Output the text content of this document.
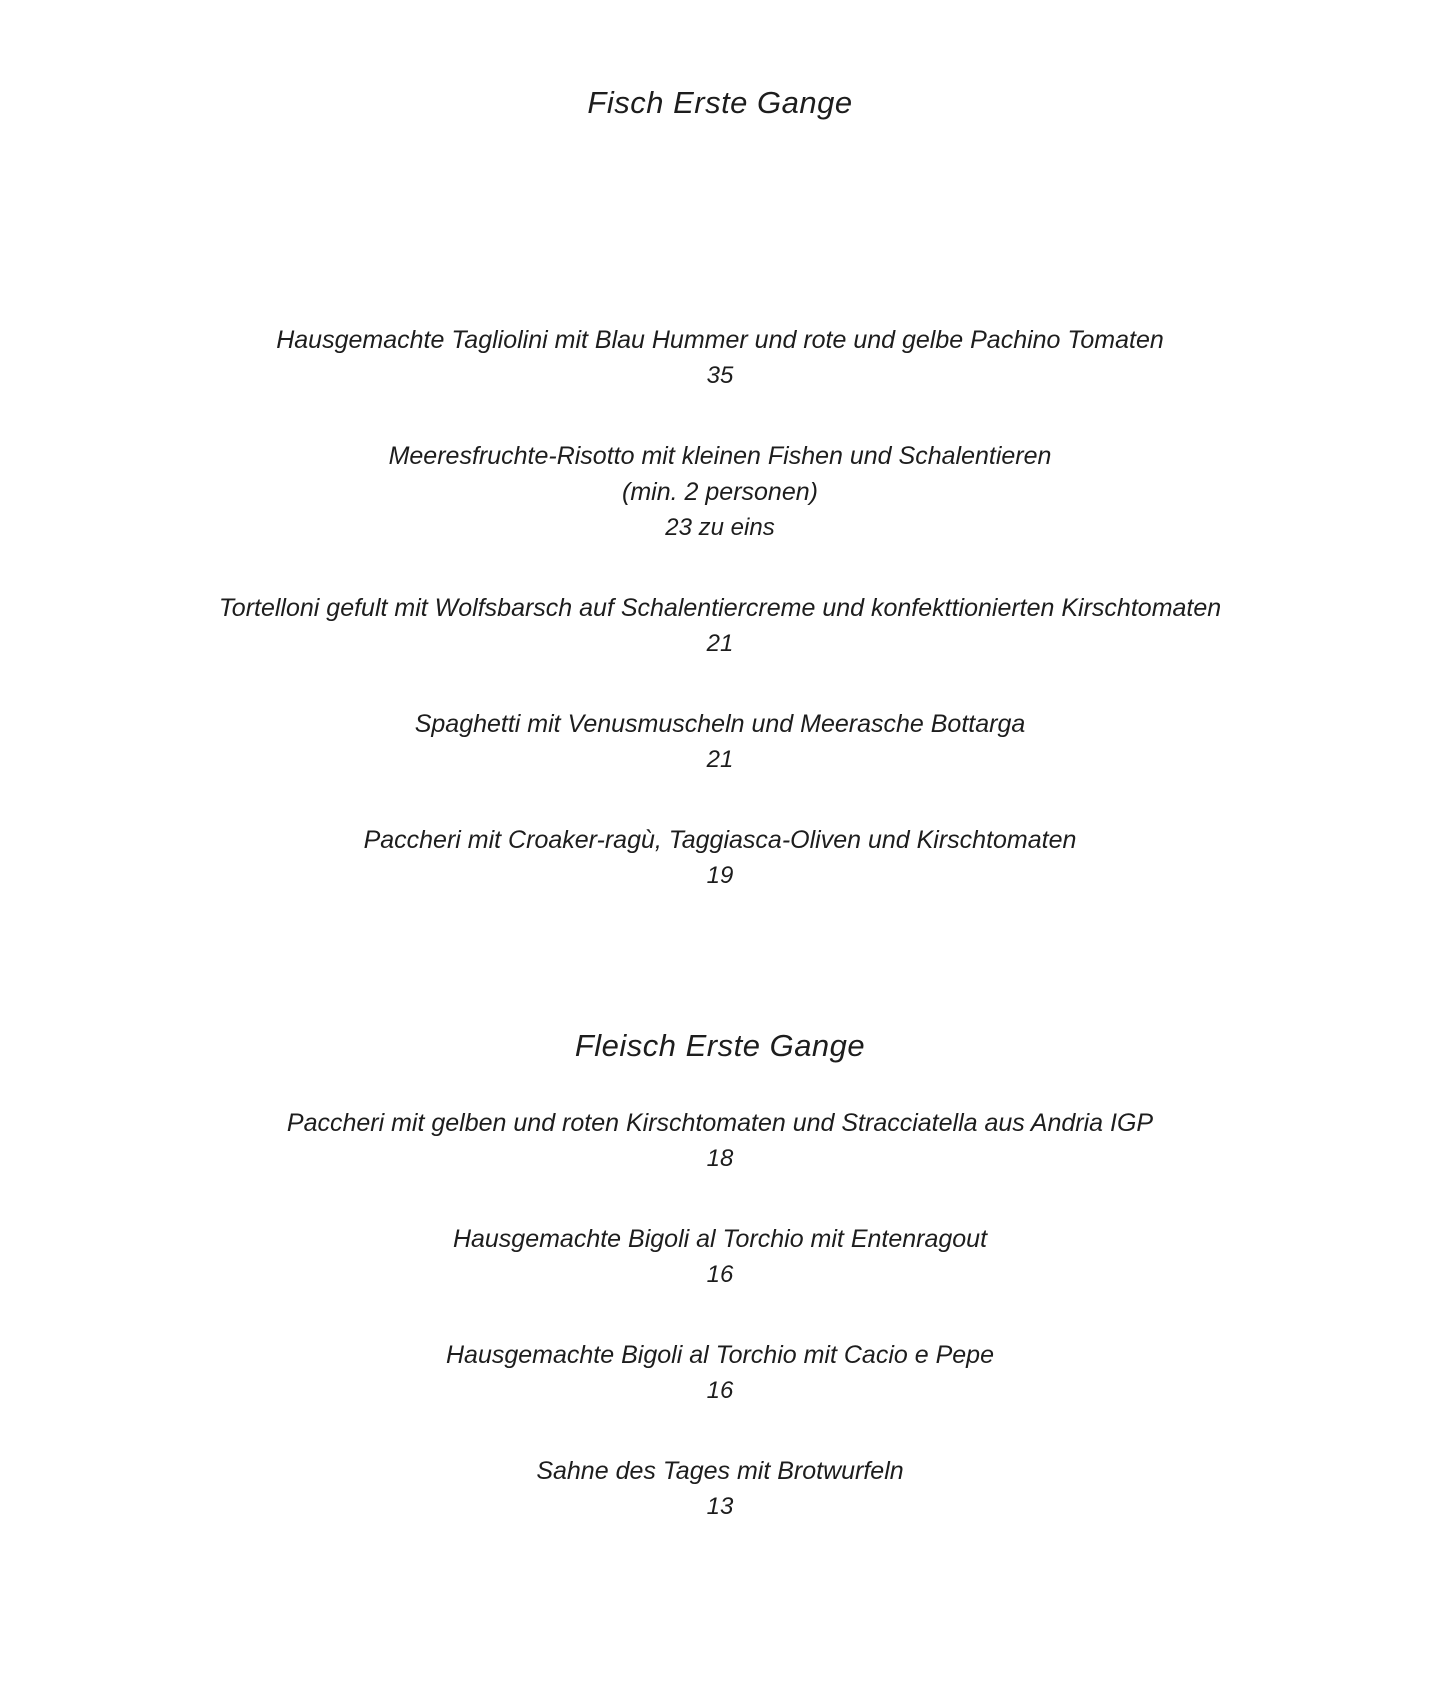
Fisch Erste Gange
Hausgemachte Tagliolini mit Blau Hummer und rote und gelbe Pachino Tomaten
35
Meeresfruchte-Risotto mit kleinen Fishen und Schalentieren
(min. 2 personen)
23 zu eins
Tortelloni gefult mit Wolfsbarsch auf Schalentiercreme und konfekttionierten Kirschtomaten
21
Spaghetti mit Venusmuscheln und Meerasche Bottarga
21
Paccheri mit Croaker-ragù, Taggiasca-Oliven und Kirschtomaten
19
Fleisch Erste Gange
Paccheri mit gelben und roten Kirschtomaten und Stracciatella aus Andria IGP
18
Hausgemachte Bigoli al Torchio mit Entenragout
16
Hausgemachte Bigoli al Torchio mit Cacio e Pepe
16
Sahne des Tages mit Brotwurfeln
13
